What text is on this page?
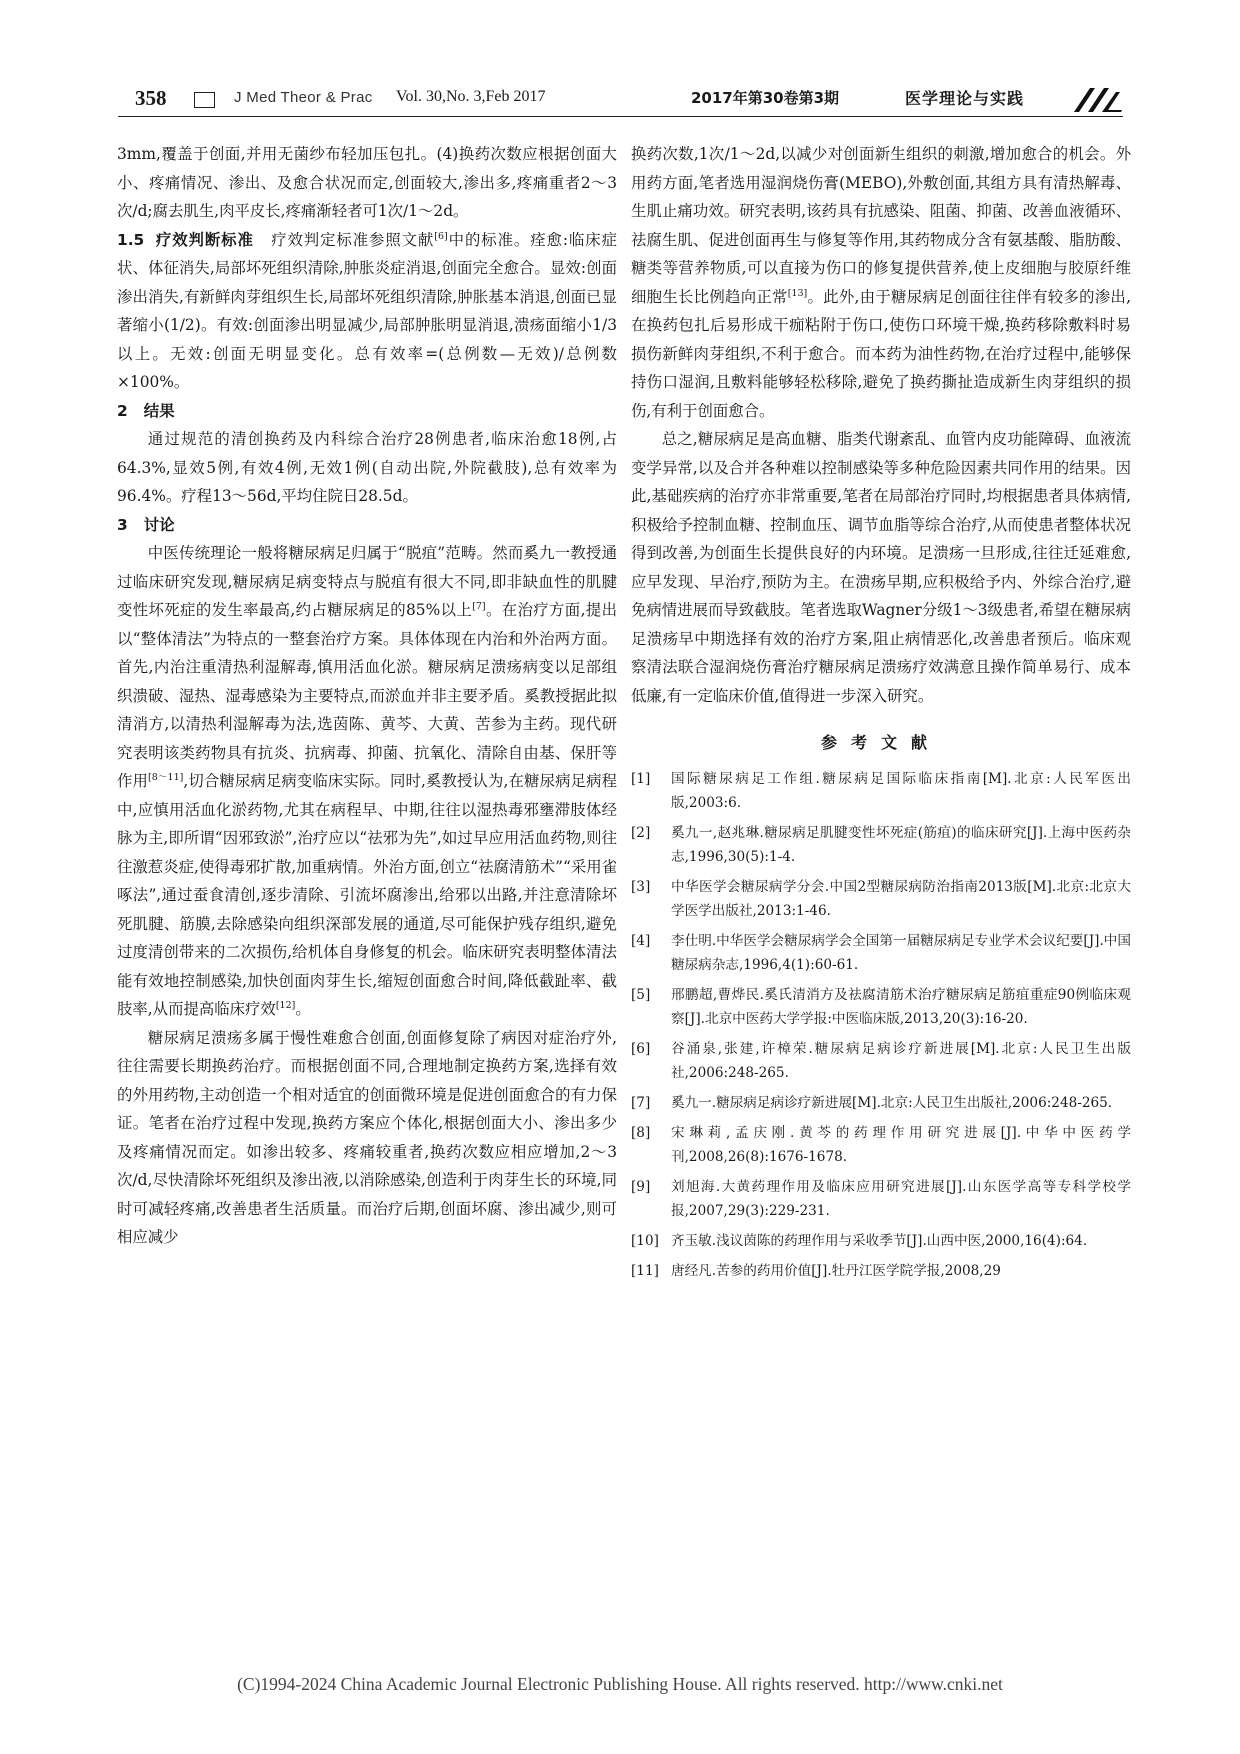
358	J Med Theor & Prac Vol. 30,No. 3,Feb 2017	2017年第30卷第3期	医学理论与实践

3mm,覆盖于创面,并用无菌纱布轻加压包扎。(4)换药次数应根据创面大小、疼痛情况、渗出、及愈合状况而定,创面较大,渗出多,疼痛重者2～3次/d;腐去肌生,肉平皮长,疼痛渐轻者可1次/1～2d。

1.5 疗效判断标准 疗效判定标准参照文献[6]中的标准。痊愈:临床症状、体征消失,局部坏死组织清除,肿胀炎症消退,创面完全愈合。显效:创面渗出消失,有新鲜肉芽组织生长,局部坏死组织清除,肿胀基本消退,创面已显著缩小(1/2)。有效:创面渗出明显减少,局部肿胀明显消退,溃疡面缩小1/3以上。无效:创面无明显变化。总有效率=(总例数—无效)/总例数×100%。

2 结果

通过规范的清创换药及内科综合治疗28例患者,临床治愈18例,占64.3%,显效5例,有效4例,无效1例(自动出院,外院截肢),总有效率为96.4%。疗程13～56d,平均住院日28.5d。

3 讨论

中医传统理论一般将糖尿病足归属于“脱疽”范畴。然而奚九一教授通过临床研究发现,糖尿病足病变特点与脱疽有很大不同,即非缺血性的肌腱变性坏死症的发生率最高,约占糖尿病足的85%以上[7]。在治疗方面,提出以“整体清法”为特点的一整套治疗方案。具体体现在内治和外治两方面。首先,内治注重清热利湿解毒,慎用活血化淤。糖尿病足溃疡病变以足部组织溃破、湿热、湿毒感染为主要特点,而淤血并非主要矛盾。奚教授据此拟清消方,以清热利湿解毒为法,选茵陈、黄芩、大黄、苦参为主药。现代研究表明该类药物具有抗炎、抗病毒、抑菌、抗氧化、清除自由基、保肝等作用[8～11],切合糖尿病足病变临床实际。同时,奚教授认为,在糖尿病足病程中,应慎用活血化淤药物,尤其在病程早、中期,往往以湿热毒邪壅滞肢体经脉为主,即所谓“因邪致淤”,治疗应以“祛邪为先”,如过早应用活血药物,则往往激惹炎症,使得毒邪扩散,加重病情。外治方面,创立“祛腐清筋术”“采用雀啄法”,通过蚕食清创,逐步清除、引流坏腐渗出,给邪以出路,并注意清除坏死肌腱、筋膜,去除感染向组织深部发展的通道,尽可能保护残存组织,避免过度清创带来的二次损伤,给机体自身修复的机会。临床研究表明整体清法能有效地控制感染,加快创面肉芽生长,缩短创面愈合时间,降低截趾率、截肢率,从而提高临床疗效[12]。

糖尿病足溃疡多属于慢性难愈合创面,创面修复除了病因对症治疗外,往往需要长期换药治疗。而根据创面不同,合理地制定换药方案,选择有效的外用药物,主动创造一个相对适宜的创面微环境是促进创面愈合的有力保证。笔者在治疗过程中发现,换药方案应个体化,根据创面大小、渗出多少及疼痛情况而定。如渗出较多、疼痛较重者,换药次数应相应增加,2～3次/d,尽快清除坏死组织及渗出液,以消除感染,创造利于肉芽生长的环境,同时可减轻疼痛,改善患者生活质量。而治疗后期,创面坏腐、渗出减少,则可相应减少

换药次数,1次/1～2d,以减少对创面新生组织的刺激,增加愈合的机会。外用药方面,笔者选用湿润烧伤膏(MEBO),外敷创面,其组方具有清热解毒、生肌止痛功效。研究表明,该药具有抗感染、阻菌、抑菌、改善血液循环、祛腐生肌、促进创面再生与修复等作用,其药物成分含有氨基酸、脂肪酸、糖类等营养物质,可以直接为伤口的修复提供营养,使上皮细胞与胶原纤维细胞生长比例趋向正常[13]。此外,由于糖尿病足创面往往伴有较多的渗出,在换药包扎后易形成干痂粘附于伤口,使伤口环境干燥,换药移除敷料时易损伤新鲜肉芽组织,不利于愈合。而本药为油性药物,在治疗过程中,能够保持伤口湿润,且敷料能够轻松移除,避免了换药撕扯造成新生肉芽组织的损伤,有利于创面愈合。

总之,糖尿病足是高血糖、脂类代谢紊乱、血管内皮功能障碍、血液流变学异常,以及合并各种难以控制感染等多种危险因素共同作用的结果。因此,基础疾病的治疗亦非常重要,笔者在局部治疗同时,均根据患者具体病情,积极给予控制血糖、控制血压、调节血脂等综合治疗,从而使患者整体状况得到改善,为创面生长提供良好的内环境。足溃疡一旦形成,往往迁延难愈,应早发现、早治疗,预防为主。在溃疡早期,应积极给予内、外综合治疗,避免病情进展而导致截肢。笔者选取Wagner分级1～3级患者,希望在糖尿病足溃疡早中期选择有效的治疗方案,阻止病情恶化,改善患者预后。临床观察清法联合湿润烧伤膏治疗糖尿病足溃疡疗效满意且操作简单易行、成本低廉,有一定临床价值,值得进一步深入研究。

参考文献
[1]	国际糖尿病足工作组.糖尿病足国际临床指南[M].北京:人民军医出版,2003:6.
[2]	奚九一,赵兆琳.糖尿病足肌腱变性坏死症(筋疽)的临床研究[J].上海中医药杂志,1996,30(5):1-4.
[3]	中华医学会糖尿病学分会.中国2型糖尿病防治指南2013版[M].北京:北京大学医学出版社,2013:1-46.
[4]	李仕明.中华医学会糖尿病学会全国第一届糖尿病足专业学术会议纪要[J].中国糖尿病杂志,1996,4(1):60-61.
[5]	邢鹏超,曹烨民.奚氏清消方及祛腐清筋术治疗糖尿病足筋疽重症90例临床观察[J].北京中医药大学学报:中医临床版,2013,20(3):16-20.
[6]	谷涌泉,张建,许樟荣.糖尿病足病诊疗新进展[M].北京:人民卫生出版社,2006:248-265.
[7]	奚九一.糖尿病足病诊疗新进展[M].北京:人民卫生出版社,2006:248-265.
[8]	宋琳莉,孟庆刚.黄芩的药理作用研究进展[J].中华中医药学刊,2008,26(8):1676-1678.
[9]	刘旭海.大黄药理作用及临床应用研究进展[J].山东医学高等专科学校学报,2007,29(3):229-231.
[10] 齐玉敏.浅议茵陈的药理作用与采收季节[J].山西中医,2000,16(4):64.
[11] 唐经凡.苦参的药用价值[J].牡丹江医学院学报,2008,29
(C)1994-2024 China Academic Journal Electronic Publishing House. All rights reserved. http://www.cnki.net
